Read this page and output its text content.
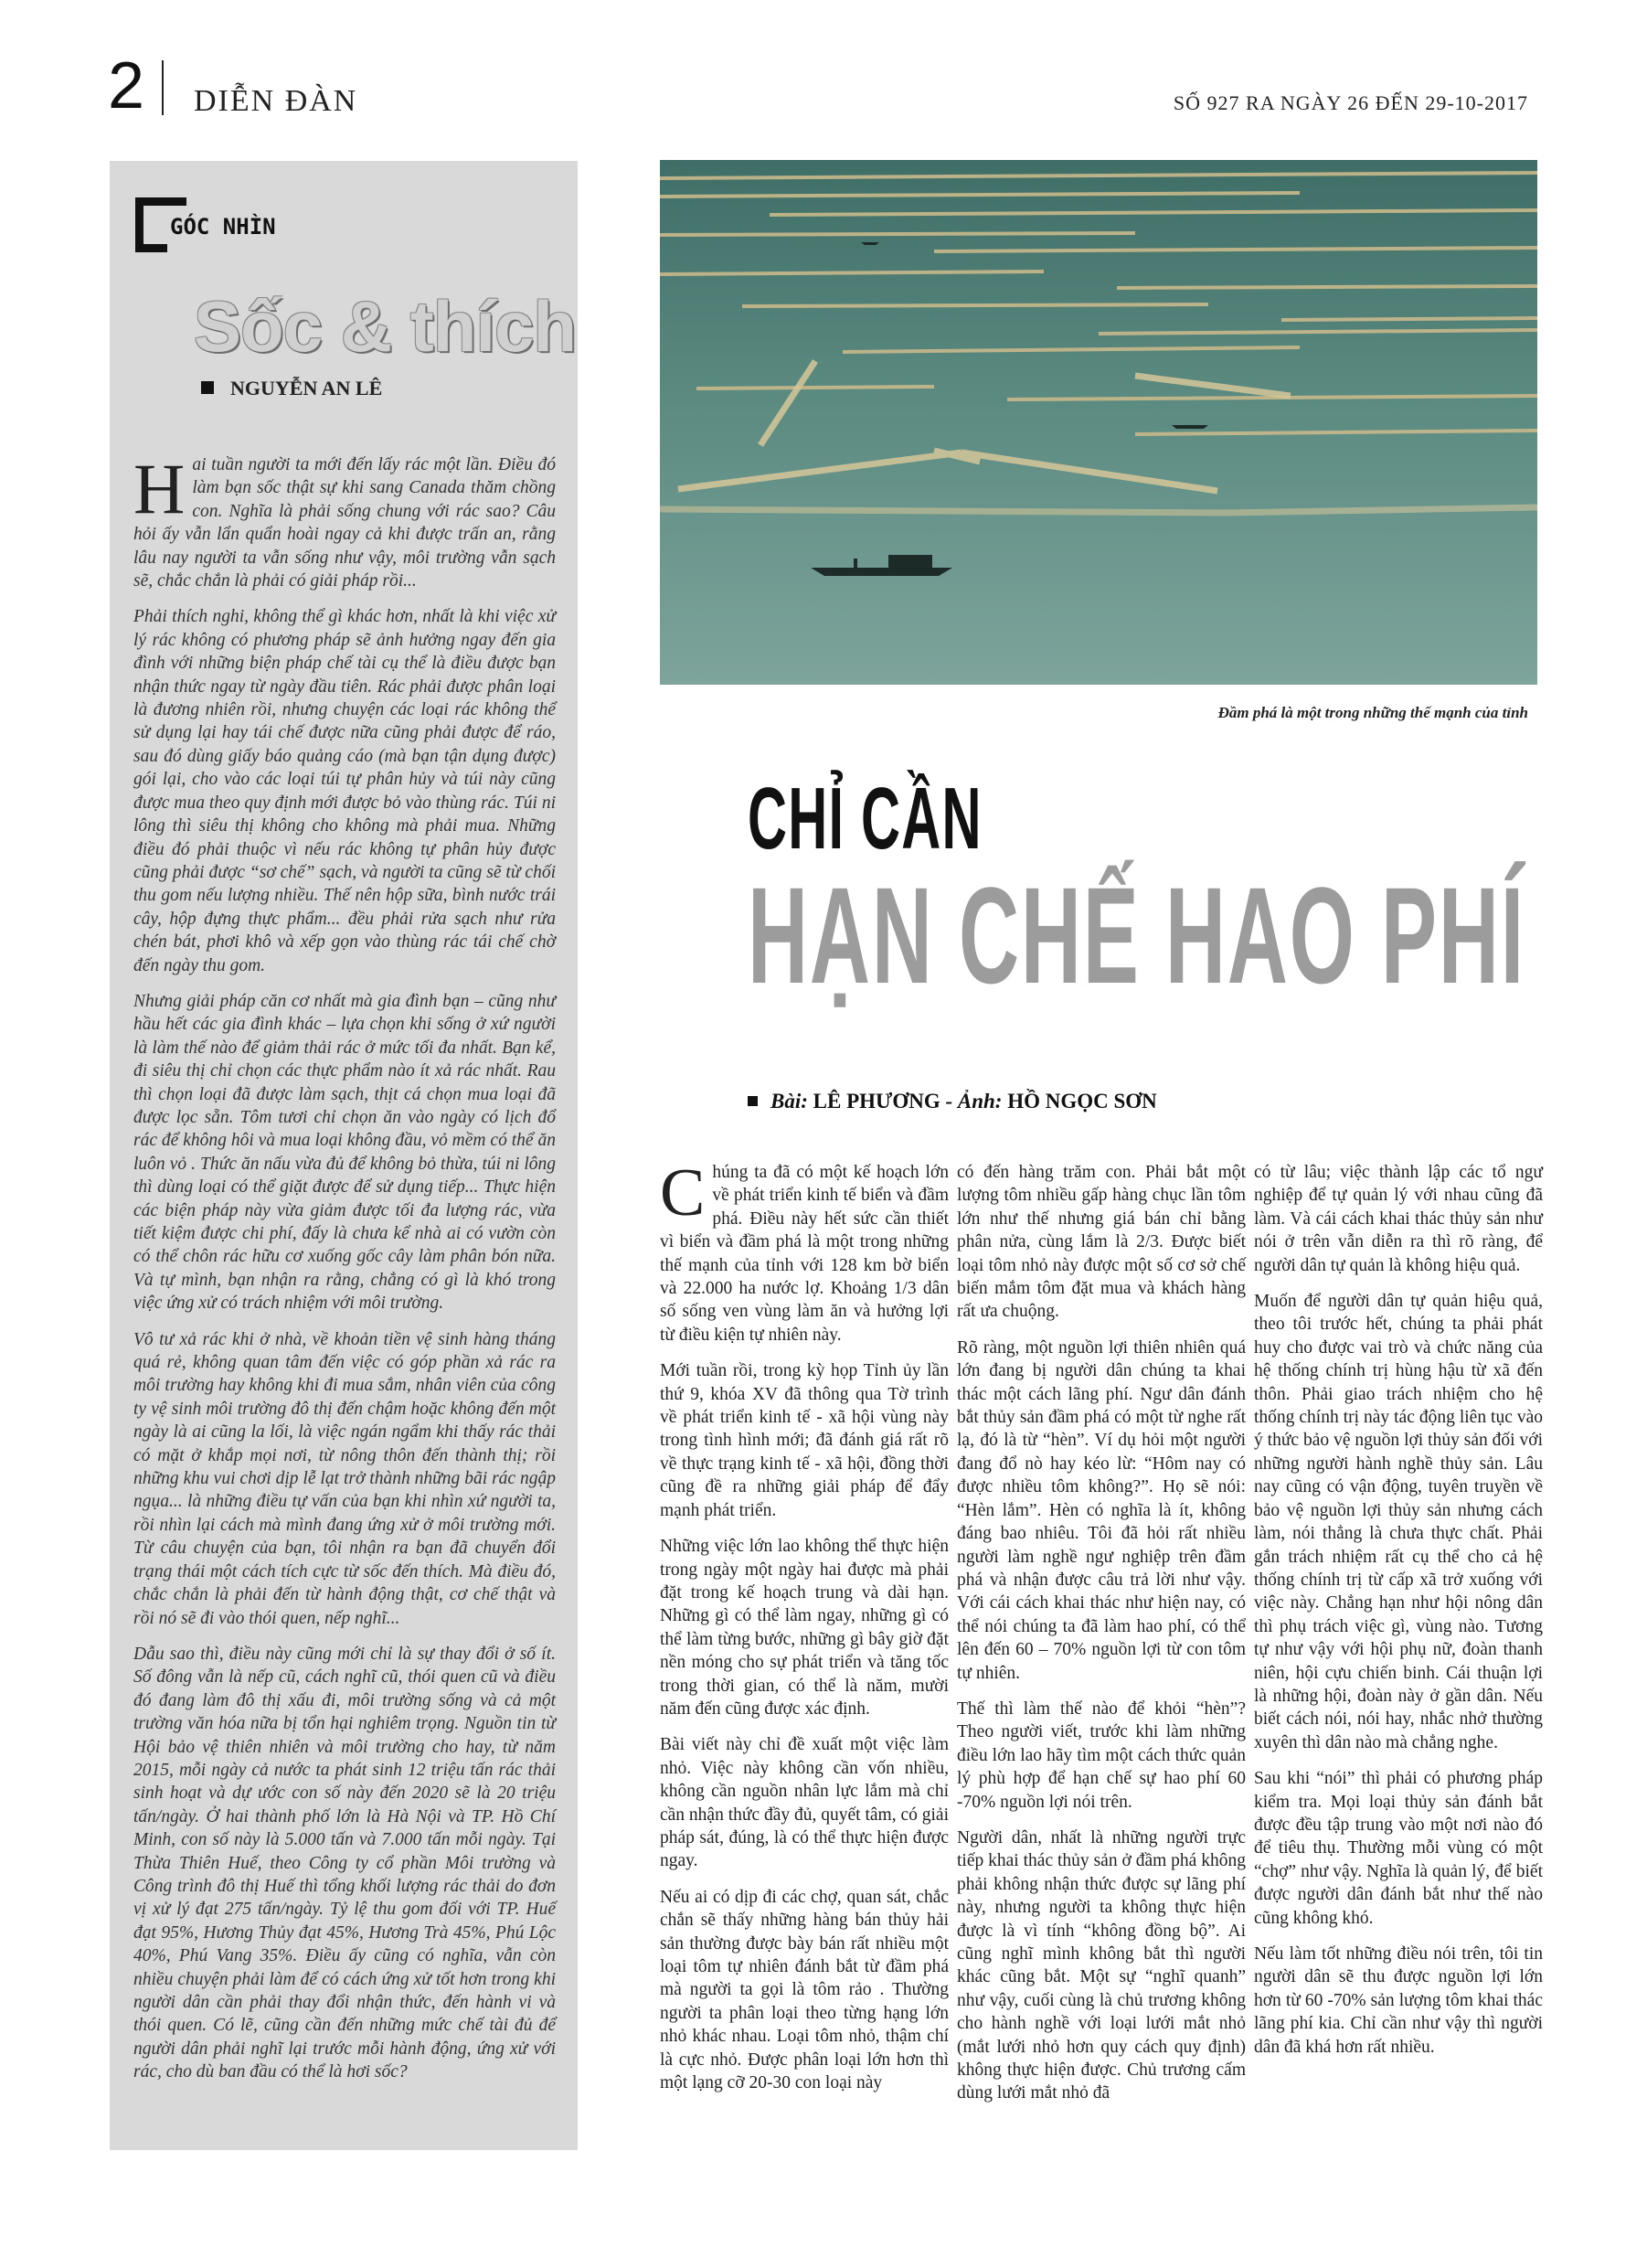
2 DIỄN ĐÀN	SỐ 927 RA NGÀY 26 ĐẾN 29-10-2017
GÓC NHÌN
Sốc & thích
NGUYỄN AN LÊ

Hai tuần người ta mới đến lấy rác một lần. Điều đó làm bạn sốc thật sự khi sang Canada thăm chồng con. Nghĩa là phải sống chung với rác sao? Câu hỏi ấy vẫn lẩn quẩn hoài ngay cả khi được trấn an, rằng lâu nay người ta vẫn sống như vậy, môi trường vẫn sạch sẽ, chắc chắn là phải có giải pháp rồi...

Phải thích nghi, không thể gì khác hơn, nhất là khi việc xử lý rác không có phương pháp sẽ ảnh hưởng ngay đến gia đình với những biện pháp chế tài cụ thể là điều được bạn nhận thức ngay từ ngày đầu tiên. Rác phải được phân loại là đương nhiên rồi, nhưng chuyện các loại rác không thể sử dụng lại hay tái chế được nữa cũng phải được để ráo, sau đó dùng giấy báo quảng cáo (mà bạn tận dụng được) gói lại, cho vào các loại túi tự phân hủy và túi này cũng được mua theo quy định mới được bỏ vào thùng rác. Túi ni lông thì siêu thị không cho không mà phải mua. Những điều đó phải thuộc vì nếu rác không tự phân hủy được cũng phải được “sơ chế” sạch, và người ta cũng sẽ từ chối thu gom nếu lượng nhiều. Thế nên hộp sữa, bình nước trái cây, hộp đựng thực phẩm... đều phải rửa sạch như rửa chén bát, phơi khô và xếp gọn vào thùng rác tái chế chờ đến ngày thu gom.

Nhưng giải pháp căn cơ nhất mà gia đình bạn – cũng như hầu hết các gia đình khác – lựa chọn khi sống ở xứ người là làm thế nào để giảm thải rác ở mức tối đa nhất. Bạn kể, đi siêu thị chỉ chọn các thực phẩm nào ít xả rác nhất. Rau thì chọn loại đã được làm sạch, thịt cá chọn mua loại đã được lọc sẵn. Tôm tươi chỉ chọn ăn vào ngày có lịch đổ rác để không hôi và mua loại không đầu, vỏ mềm có thể ăn luôn vỏ . Thức ăn nấu vừa đủ để không bỏ thừa, túi ni lông thì dùng loại có thể giặt được để sử dụng tiếp... Thực hiện các biện pháp này vừa giảm được tối đa lượng rác, vừa tiết kiệm được chi phí, đấy là chưa kể nhà ai có vườn còn có thể chôn rác hữu cơ xuống gốc cây làm phân bón nữa. Và tự mình, bạn nhận ra rằng, chẳng có gì là khó trong việc ứng xử có trách nhiệm với môi trường.

Vô tư xả rác khi ở nhà, về khoản tiền vệ sinh hàng tháng quá rẻ, không quan tâm đến việc có góp phần xả rác ra môi trường hay không khi đi mua sắm, nhân viên của công ty vệ sinh môi trường đô thị đến chậm hoặc không đến một ngày là ai cũng la lối, là việc ngán ngẩm khi thấy rác thải có mặt ở khắp mọi nơi, từ nông thôn đến thành thị; rồi những khu vui chơi dịp lễ lạt trở thành những bãi rác ngập ngụa... là những điều tự vấn của bạn khi nhìn xứ người ta, rồi nhìn lại cách mà mình đang ứng xử ở môi trường mới. Từ câu chuyện của bạn, tôi nhận ra bạn đã chuyển đổi trạng thái một cách tích cực từ sốc đến thích. Mà điều đó, chắc chắn là phải đến từ hành động thật, cơ chế thật và rồi nó sẽ đi vào thói quen, nếp nghĩ...

Dẫu sao thì, điều này cũng mới chỉ là sự thay đổi ở số ít. Số đông vẫn là nếp cũ, cách nghĩ cũ, thói quen cũ và điều đó đang làm đô thị xấu đi, môi trường sống và cả một trường văn hóa nữa bị tổn hại nghiêm trọng. Nguồn tin từ Hội bảo vệ thiên nhiên và môi trường cho hay, từ năm 2015, mỗi ngày cả nước ta phát sinh 12 triệu tấn rác thải sinh hoạt và dự ước con số này đến 2020 sẽ là 20 triệu tấn/ngày. Ở hai thành phố lớn là Hà Nội và TP. Hồ Chí Minh, con số này là 5.000 tấn và 7.000 tấn mỗi ngày. Tại Thừa Thiên Huế, theo Công ty cổ phần Môi trường và Công trình đô thị Huế thì tổng khối lượng rác thải do đơn vị xử lý đạt 275 tấn/ngày. Tỷ lệ thu gom đối với TP. Huế đạt 95%, Hương Thủy đạt 45%, Hương Trà 45%, Phú Lộc 40%, Phú Vang 35%. Điều ấy cũng có nghĩa, vẫn còn nhiều chuyện phải làm để có cách ứng xử tốt hơn trong khi người dân cần phải thay đổi nhận thức, đến hành vi và thói quen. Có lẽ, cũng cần đến những mức chế tài đủ để người dân phải nghĩ lại trước mỗi hành động, ứng xử với rác, cho dù ban đầu có thể là hơi sốc?

Đầm phá là một trong những thế mạnh của tỉnh
CHỈ CẦN
HẠN CHẾ HAO PHÍ
Bài: LÊ PHƯƠNG - Ảnh: HỒ NGỌC SƠN

Chúng ta đã có một kế hoạch lớn về phát triển kinh tế biển và đầm phá. Điều này hết sức cần thiết vì biển và đầm phá là một trong những thế mạnh của tỉnh với 128 km bờ biển và 22.000 ha nước lợ. Khoảng 1/3 dân số sống ven vùng làm ăn và hưởng lợi từ điều kiện tự nhiên này.

Mới tuần rồi, trong kỳ họp Tỉnh ủy lần thứ 9, khóa XV đã thông qua Tờ trình về phát triển kinh tế - xã hội vùng này trong tình hình mới; đã đánh giá rất rõ về thực trạng kinh tế - xã hội, đồng thời cũng đề ra những giải pháp để đẩy mạnh phát triển.

Những việc lớn lao không thể thực hiện trong ngày một ngày hai được mà phải đặt trong kế hoạch trung và dài hạn. Những gì có thể làm ngay, những gì có thể làm từng bước, những gì bây giờ đặt nền móng cho sự phát triển và tăng tốc trong thời gian, có thể là năm, mười năm đến cũng được xác định.

Bài viết này chỉ đề xuất một việc làm nhỏ. Việc này không cần vốn nhiều, không cần nguồn nhân lực lắm mà chỉ cần nhận thức đầy đủ, quyết tâm, có giải pháp sát, đúng, là có thể thực hiện được ngay.

Nếu ai có dịp đi các chợ, quan sát, chắc chắn sẽ thấy những hàng bán thủy hải sản thường được bày bán rất nhiều một loại tôm tự nhiên đánh bắt từ đầm phá mà người ta gọi là tôm rảo . Thường người ta phân loại theo từng hạng lớn nhỏ khác nhau. Loại tôm nhỏ, thậm chí là cực nhỏ. Được phân loại lớn hơn thì một lạng cỡ 20-30 con loại này

có đến hàng trăm con. Phải bắt một lượng tôm nhiều gấp hàng chục lần tôm lớn như thế nhưng giá bán chỉ bằng phân nửa, cùng lắm là 2/3. Được biết loại tôm nhỏ này được một số cơ sở chế biến mắm tôm đặt mua và khách hàng rất ưa chuộng.

Rõ ràng, một nguồn lợi thiên nhiên quá lớn đang bị người dân chúng ta khai thác một cách lãng phí. Ngư dân đánh bắt thủy sản đầm phá có một từ nghe rất lạ, đó là từ “hèn”. Ví dụ hỏi một người đang đổ nò hay kéo lừ: “Hôm nay có được nhiều tôm không?”. Họ sẽ nói: “Hèn lắm”. Hèn có nghĩa là ít, không đáng bao nhiêu. Tôi đã hỏi rất nhiều người làm nghề ngư nghiệp trên đầm phá và nhận được câu trả lời như vậy. Với cái cách khai thác như hiện nay, có thể nói chúng ta đã làm hao phí, có thể lên đến 60 – 70% nguồn lợi từ con tôm tự nhiên.

Thế thì làm thế nào để khỏi “hèn”? Theo người viết, trước khi làm những điều lớn lao hãy tìm một cách thức quản lý phù hợp để hạn chế sự hao phí 60 -70% nguồn lợi nói trên.

Người dân, nhất là những người trực tiếp khai thác thủy sản ở đầm phá không phải không nhận thức được sự lãng phí này, nhưng người ta không thực hiện được là vì tính “không đồng bộ”. Ai cũng nghĩ mình không bắt thì người khác cũng bắt. Một sự “nghĩ quanh” như vậy, cuối cùng là chủ trương không cho hành nghề với loại lưới mắt nhỏ (mắt lưới nhỏ hơn quy cách quy định) không thực hiện được. Chủ trương cấm dùng lưới mắt nhỏ đã

có từ lâu; việc thành lập các tổ ngư nghiệp để tự quản lý với nhau cũng đã làm. Và cái cách khai thác thủy sản như nói ở trên vẫn diễn ra thì rõ ràng, để người dân tự quản là không hiệu quả.

Muốn để người dân tự quản hiệu quả, theo tôi trước hết, chúng ta phải phát huy cho được vai trò và chức năng của hệ thống chính trị hùng hậu từ xã đến thôn. Phải giao trách nhiệm cho hệ thống chính trị này tác động liên tục vào ý thức bảo vệ nguồn lợi thủy sản đối với những người hành nghề thủy sản. Lâu nay cũng có vận động, tuyên truyền về bảo vệ nguồn lợi thủy sản nhưng cách làm, nói thẳng là chưa thực chất. Phải gắn trách nhiệm rất cụ thể cho cả hệ thống chính trị từ cấp xã trở xuống với việc này. Chẳng hạn như hội nông dân thì phụ trách việc gì, vùng nào. Tương tự như vậy với hội phụ nữ, đoàn thanh niên, hội cựu chiến binh. Cái thuận lợi là những hội, đoàn này ở gần dân. Nếu biết cách nói, nói hay, nhắc nhở thường xuyên thì dân nào mà chẳng nghe.

Sau khi “nói” thì phải có phương pháp kiểm tra. Mọi loại thủy sản đánh bắt được đều tập trung vào một nơi nào đó để tiêu thụ. Thường mỗi vùng có một “chợ” như vậy. Nghĩa là quản lý, để biết được người dân đánh bắt như thế nào cũng không khó.

Nếu làm tốt những điều nói trên, tôi tin người dân sẽ thu được nguồn lợi lớn hơn từ 60 -70% sản lượng tôm khai thác lãng phí kia. Chỉ cần như vậy thì người dân đã khá hơn rất nhiều.
